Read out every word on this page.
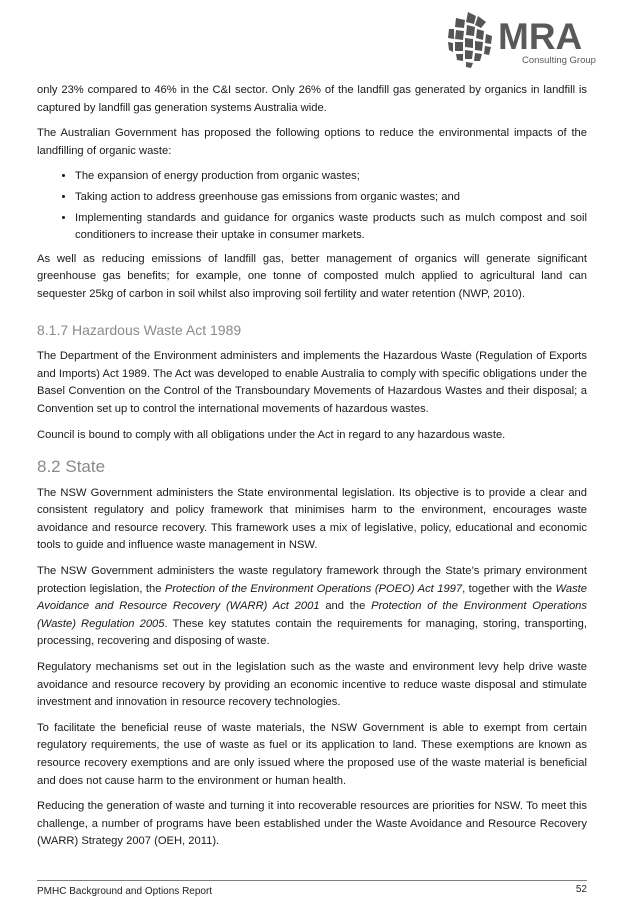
MRA
Consulting Group

only 23% compared to 46% in the C&I sector. Only 26% of the landfill gas generated by organics in landfill is captured by landfill gas generation systems Australia wide.

The Australian Government has proposed the following options to reduce the environmental impacts of the landfilling of organic waste:

• The expansion of energy production from organic wastes;
• Taking action to address greenhouse gas emissions from organic wastes; and
• Implementing standards and guidance for organics waste products such as mulch compost and soil conditioners to increase their uptake in consumer markets.

As well as reducing emissions of landfill gas, better management of organics will generate significant greenhouse gas benefits; for example, one tonne of composted mulch applied to agricultural land can sequester 25kg of carbon in soil whilst also improving soil fertility and water retention (NWP, 2010).

8.1.7 Hazardous Waste Act 1989

The Department of the Environment administers and implements the Hazardous Waste (Regulation of Exports and Imports) Act 1989. The Act was developed to enable Australia to comply with specific obligations under the Basel Convention on the Control of the Transboundary Movements of Hazardous Wastes and their disposal; a Convention set up to control the international movements of hazardous wastes.

Council is bound to comply with all obligations under the Act in regard to any hazardous waste.

8.2 State

The NSW Government administers the State environmental legislation. Its objective is to provide a clear and consistent regulatory and policy framework that minimises harm to the environment, encourages waste avoidance and resource recovery. This framework uses a mix of legislative, policy, educational and economic tools to guide and influence waste management in NSW.

The NSW Government administers the waste regulatory framework through the State’s primary environment protection legislation, the Protection of the Environment Operations (POEO) Act 1997, together with the Waste Avoidance and Resource Recovery (WARR) Act 2001 and the Protection of the Environment Operations (Waste) Regulation 2005. These key statutes contain the requirements for managing, storing, transporting, processing, recovering and disposing of waste.

Regulatory mechanisms set out in the legislation such as the waste and environment levy help drive waste avoidance and resource recovery by providing an economic incentive to reduce waste disposal and stimulate investment and innovation in resource recovery technologies.

To facilitate the beneficial reuse of waste materials, the NSW Government is able to exempt from certain regulatory requirements, the use of waste as fuel or its application to land. These exemptions are known as resource recovery exemptions and are only issued where the proposed use of the waste material is beneficial and does not cause harm to the environment or human health.

Reducing the generation of waste and turning it into recoverable resources are priorities for NSW. To meet this challenge, a number of programs have been established under the Waste Avoidance and Resource Recovery (WARR) Strategy 2007 (OEH, 2011).

PMHC Background and Options Report	52
